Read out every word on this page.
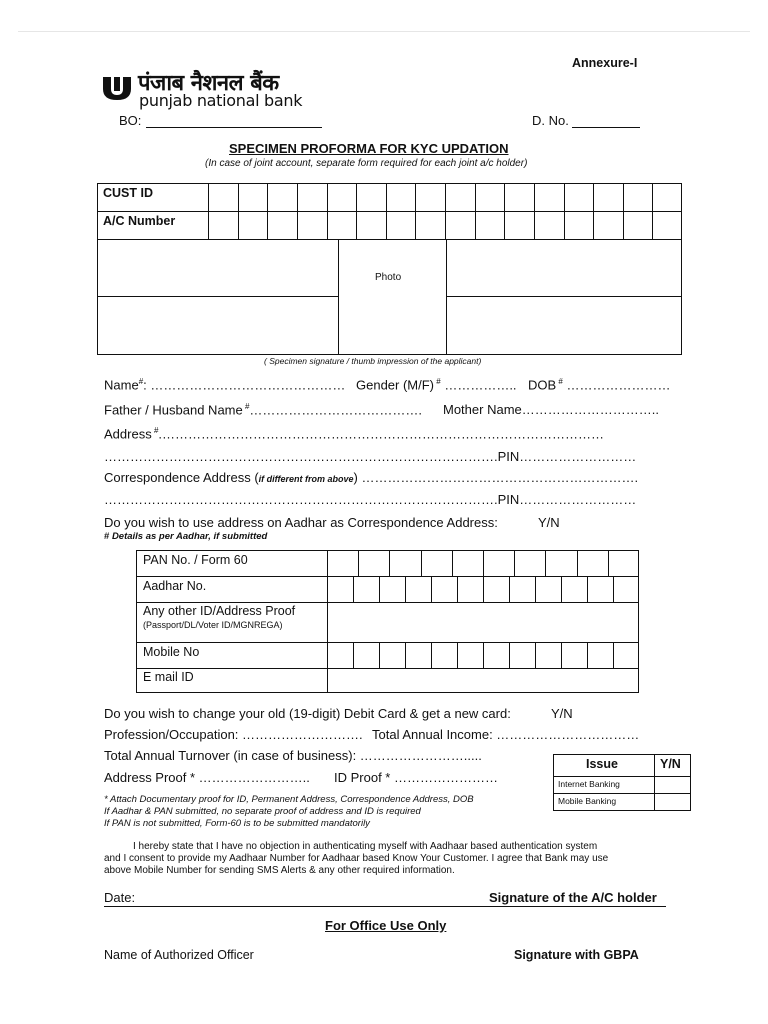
Annexure-I
पंजाब नैशनल बैंक
punjab national bank
BO:	D. No.
SPECIMEN PROFORMA FOR KYC UPDATION
(In case of joint account, separate form required for each joint a/c holder)
CUST ID
A/C Number
Photo
( Specimen signature / thumb impression of the applicant)
Name#: ……………………………………… Gender (M/F) # …………….. DOB # ……………………
Father / Husband Name #…………………………………. Mother Name…………………………..
Address #.…………………………………………………………………………………………
……………………………………………………………………………….PIN………………………
Correspondence Address (if different from above) ……………………………………………………….
……………………………………………………………………………….PIN………………………
Do you wish to use address on Aadhar as Correspondence Address:	Y/N
# Details as per Aadhar, if submitted
PAN No. / Form 60
Aadhar No.
Any other ID/Address Proof
(Passport/DL/Voter ID/MGNREGA)
Mobile No
E mail ID
Do you wish to change your old (19-digit) Debit Card & get a new card:	Y/N
Profession/Occupation: ………………………. Total Annual Income: ……………………………
Total Annual Turnover (in case of business): …………………….....
Address Proof * …………………….. ID Proof * ……………………
* Attach Documentary proof for ID, Permanent Address, Correspondence Address, DOB
If Aadhar & PAN submitted, no separate proof of address and ID is required
If PAN is not submitted, Form-60 is to be submitted mandatorily
Issue	Y/N
Internet Banking
Mobile Banking
I hereby state that I have no objection in authenticating myself with Aadhaar based authentication system
and I consent to provide my Aadhaar Number for Aadhaar based Know Your Customer. I agree that Bank may use
above Mobile Number for sending SMS Alerts & any other required information.
Date:	Signature of the A/C holder
For Office Use Only
Name of Authorized Officer	Signature with GBPA
